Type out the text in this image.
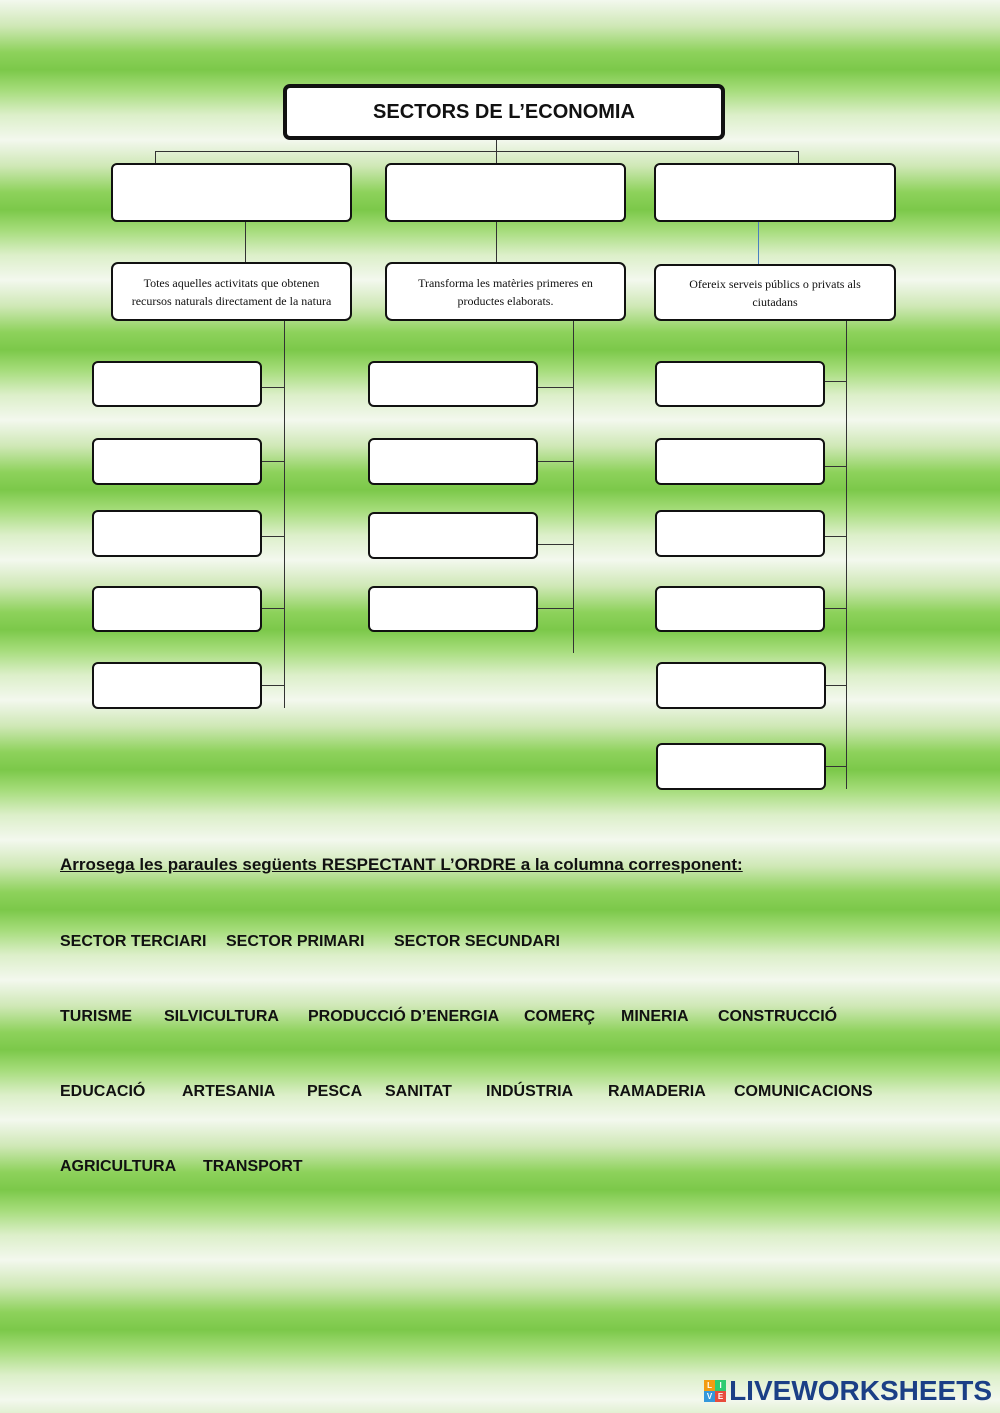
SECTORS DE L’ECONOMIA
Totes aquelles activitats que obtenen recursos naturals directament de la natura
Transforma les matèries primeres en productes elaborats.
Ofereix serveis públics o privats als ciutadans

Arrosega les paraules següents RESPECTANT L’ORDRE a la columna corresponent:

SECTOR TERCIARI SECTOR PRIMARI SECTOR SECUNDARI
TURISME SILVICULTURA PRODUCCIÓ D’ENERGIA COMERÇ MINERIA CONSTRUCCIÓ
EDUCACIÓ ARTESANIA PESCA SANITAT INDÚSTRIA RAMADERIA COMUNICACIONS
AGRICULTURA TRANSPORT
L I
V E LIVEWORKSHEETS
